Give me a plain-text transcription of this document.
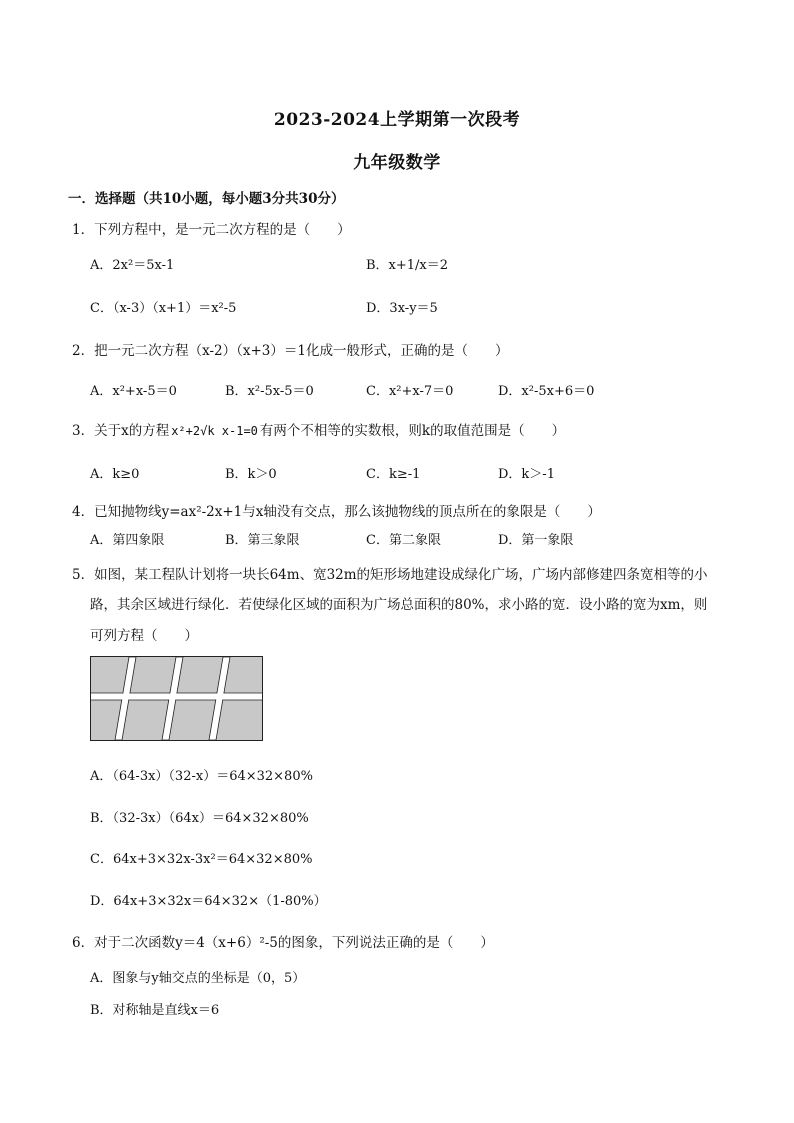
2023-2024上学期第一次段考
九年级数学
一．选择题（共10小题，每小题3分共30分）
1．下列方程中，是一元二次方程的是（　　）
A．2x²＝5x-1	B．x+1/x＝2
C．（x-3）（x+1）＝x²-5	D．3x-y＝5
2．把一元二次方程（x-2）（x+3）＝1化成一般形式，正确的是（　　）
A．x²+x-5＝0	B．x²-5x-5＝0	C．x²+x-7＝0	D．x²-5x+6＝0
3．关于x的方程 x²+2√k x-1=0 有两个不相等的实数根，则k的取值范围是（　　）
A．k≥0	B．k＞0	C．k≥-1	D．k＞-1
4．已知抛物线y=ax²-2x+1与x轴没有交点，那么该抛物线的顶点所在的象限是（　　）
A．第四象限	B．第三象限	C．第二象限	D．第一象限
5．如图，某工程队计划将一块长64m、宽32m的矩形场地建设成绿化广场，广场内部修建四条宽相等的小
路，其余区域进行绿化．若使绿化区域的面积为广场总面积的80%，求小路的宽．设小路的宽为xm，则
可列方程（　　）
A．（64-3x）（32-x）＝64×32×80%
B．（32-3x）（64x）＝64×32×80%
C．64x+3×32x-3x²＝64×32×80%
D．64x+3×32x＝64×32×（1-80%）
6．对于二次函数y＝4（x+6）²-5的图象，下列说法正确的是（　　）
A．图象与y轴交点的坐标是（0，5）
B．对称轴是直线x＝6
